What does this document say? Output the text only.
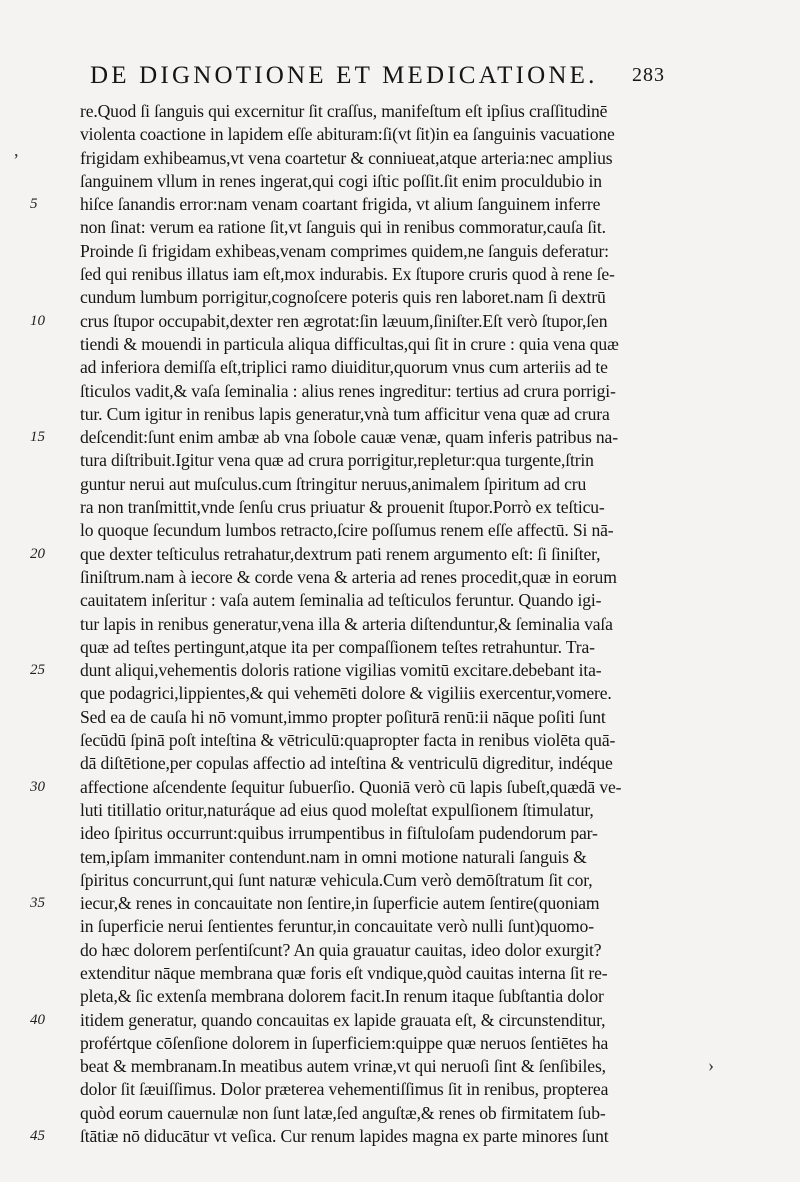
DE DIGNOTIONE ET MEDICATIONE.	283
,
›
re.Quod ſi ſanguis qui excernitur ſit craſſus, manifeſtum eſt ipſius craſſitudinē
violenta coactione in lapidem eſſe abituram:ſi(vt ſit)in ea ſanguinis vacuatione
frigidam exhibeamus,vt vena coartetur & conniueat,atque arteria:nec amplius
ſanguinem vllum in renes ingerat,qui cogi iſtic poſſit.ſit enim proculdubio in
hiſce ſanandis error:nam venam coartant frigida, vt alium ſanguinem inferre
non ſinat: verum ea ratione ſit,vt ſanguis qui in renibus commoratur,cauſa ſit.
Proinde ſi frigidam exhibeas,venam comprimes quidem,ne ſanguis deferatur:
ſed qui renibus illatus iam eſt,mox indurabis. Ex ſtupore cruris quod à rene ſe-
cundum lumbum porrigitur,cognoſcere poteris quis ren laboret.nam ſi dextrū
crus ſtupor occupabit,dexter ren ægrotat:ſin læuum,ſiniſter.Eſt verò ſtupor,ſen
tiendi & mouendi in particula aliqua difficultas,qui ſit in crure : quia vena quæ
ad inferiora demiſſa eſt,triplici ramo diuiditur,quorum vnus cum arteriis ad te
ſticulos vadit,& vaſa ſeminalia : alius renes ingreditur: tertius ad crura porrigi-
tur. Cum igitur in renibus lapis generatur,vnà tum afficitur vena quæ ad crura
deſcendit:ſunt enim ambæ ab vna ſobole cauæ venæ, quam inferis patribus na-
tura diſtribuit.Igitur vena quæ ad crura porrigitur,repletur:qua turgente,ſtrin
guntur nerui aut muſculus.cum ſtringitur neruus,animalem ſpiritum ad cru
ra non tranſmittit,vnde ſenſu crus priuatur & prouenit ſtupor.Porrò ex teſticu-
lo quoque ſecundum lumbos retracto,ſcire poſſumus renem eſſe affectū. Si nā-
que dexter teſticulus retrahatur,dextrum pati renem argumento eſt: ſi ſiniſter,
ſiniſtrum.nam à iecore & corde vena & arteria ad renes procedit,quæ in eorum
cauitatem inſeritur : vaſa autem ſeminalia ad teſticulos feruntur. Quando igi-
tur lapis in renibus generatur,vena illa & arteria diſtenduntur,& ſeminalia vaſa
quæ ad teſtes pertingunt,atque ita per compaſſionem teſtes retrahuntur. Tra-
dunt aliqui,vehementis doloris ratione vigilias vomitū excitare.debebant ita-
que podagrici,lippientes,& qui vehemēti dolore & vigiliis exercentur,vomere.
Sed ea de cauſa hi nō vomunt,immo propter poſiturā renū:ii nāque poſiti ſunt
ſecūdū ſpinā poſt inteſtina & vētriculū:quapropter facta in renibus violēta quā-
dā diſtētione,per copulas affectio ad inteſtina & ventriculū digreditur, indéque
affectione aſcendente ſequitur ſubuerſio. Quoniā verò cū lapis ſubeſt,quædā ve-
luti titillatio oritur,naturáque ad eius quod moleſtat expulſionem ſtimulatur,
ideo ſpiritus occurrunt:quibus irrumpentibus in fiſtuloſam pudendorum par-
tem,ipſam immaniter contendunt.nam in omni motione naturali ſanguis &
ſpiritus concurrunt,qui ſunt naturæ vehicula.Cum verò demōſtratum ſit cor,
iecur,& renes in concauitate non ſentire,in ſuperficie autem ſentire(quoniam
in ſuperficie nerui ſentientes feruntur,in concauitate verò nulli ſunt)quomo-
do hæc dolorem perſentiſcunt? An quia grauatur cauitas, ideo dolor exurgit?
extenditur nāque membrana quæ foris eſt vndique,quòd cauitas interna ſit re-
pleta,& ſic extenſa membrana dolorem facit.In renum itaque ſubſtantia dolor
itidem generatur, quando concauitas ex lapide grauata eſt, & circunstenditur,
profértque cōſenſione dolorem in ſuperficiem:quippe quæ neruos ſentiētes ha
beat & membranam.In meatibus autem vrinæ,vt qui neruoſi ſint & ſenſibiles,
dolor ſit ſæuiſſimus. Dolor præterea vehementiſſimus ſit in renibus, propterea
quòd eorum cauernulæ non ſunt latæ,ſed anguſtæ,& renes ob firmitatem ſub-
ſtātiæ nō diducātur vt veſica. Cur renum lapides magna ex parte minores ſunt
5
10
15
20
25
30
35
40
45
